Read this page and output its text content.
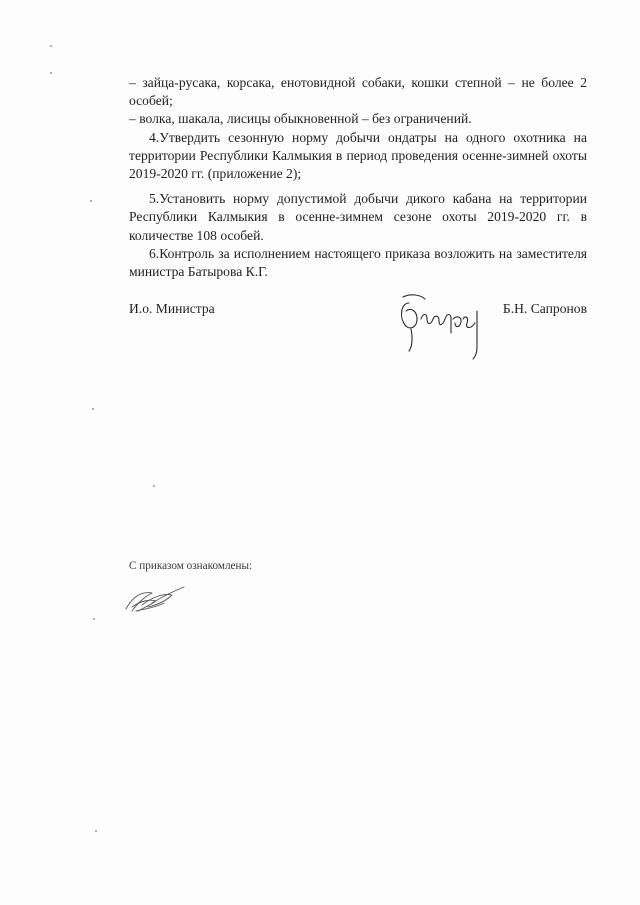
– зайца-русака, корсака, енотовидной собаки, кошки степной – не более 2 особей;

– волка, шакала, лисицы обыкновенной – без ограничений.

4.Утвердить сезонную норму добычи ондатры на одного охотника на территории Республики Калмыкия в период проведения осенне-зимней охоты 2019-2020 гг. (приложение 2);

5.Установить норму допустимой добычи дикого кабана на территории Республики Калмыкия в осенне-зимнем сезоне охоты 2019-2020 гг. в количестве 108 особей.

6.Контроль за исполнением настоящего приказа возложить на заместителя министра Батырова К.Г.

И.о. Министра	Б.Н. Сапронов
С приказом ознакомлены:
